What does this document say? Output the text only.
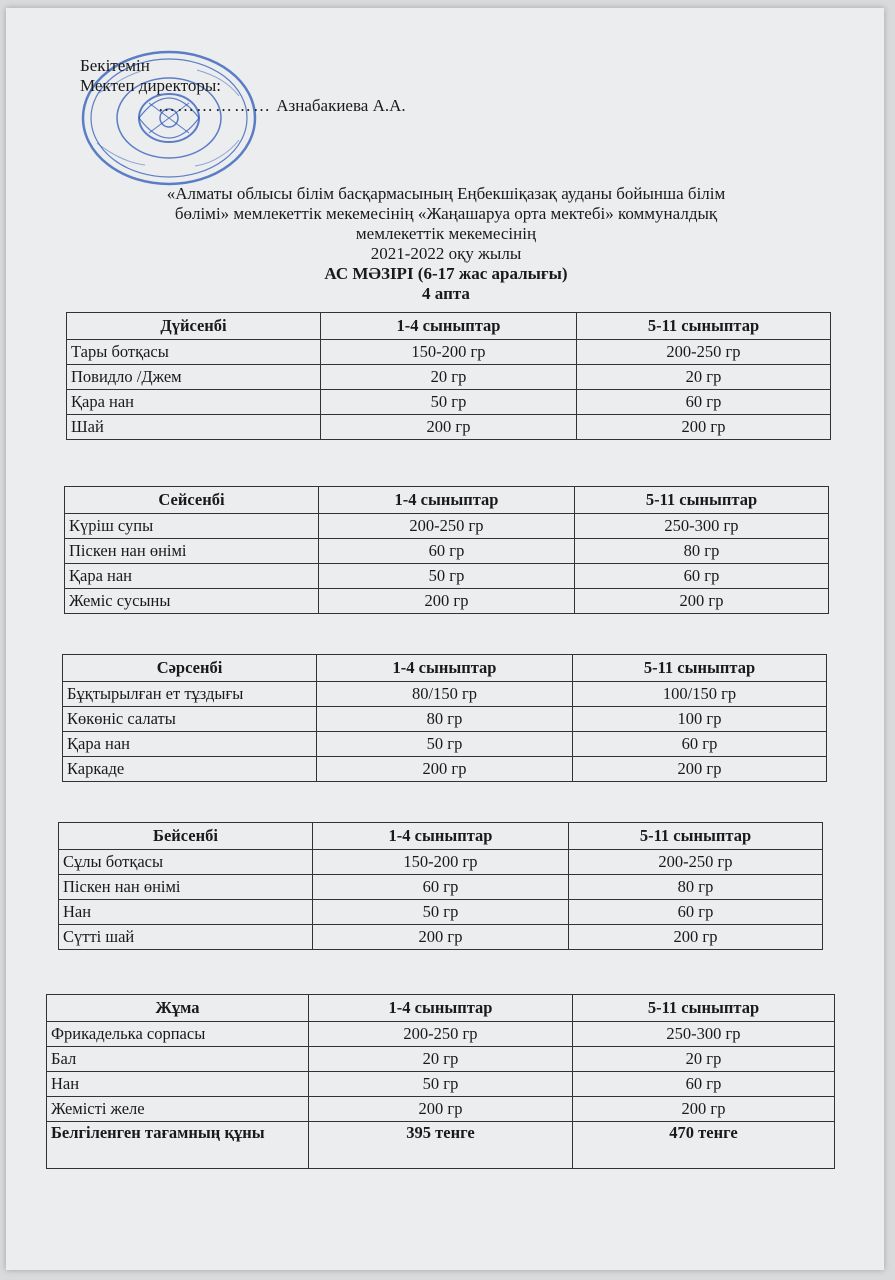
Бекітемін
Мектеп директоры:
……………… Азнабакиева А.А.
«Алматы облысы білім басқармасының Еңбекшіқазақ ауданы бойынша білім
бөлімі» мемлекеттік мекемесінің «Жаңашаруа орта мектебі» коммуналдық
мемлекеттік мекемесінің
2021-2022 оқу жылы
АС МӘЗІРІ (6-17 жас аралығы)
4 апта
Дүйсенбі	1-4 сыныптар	5-11 сыныптар
Тары ботқасы	150-200 гр	200-250 гр
Повидло /Джем	20 гр	20 гр
Қара нан	50 гр	60 гр
Шай	200 гр	200 гр
Сейсенбі	1-4 сыныптар	5-11 сыныптар
Күріш супы	200-250 гр	250-300 гр
Піскен нан өнімі	60 гр	80 гр
Қара нан	50 гр	60 гр
Жеміс сусыны	200 гр	200 гр
Сәрсенбі	1-4 сыныптар	5-11 сыныптар
Бұқтырылған ет тұздығы	80/150 гр	100/150 гр
Көкөніс салаты	80 гр	100 гр
Қара нан	50 гр	60 гр
Каркаде	200 гр	200 гр
Бейсенбі	1-4 сыныптар	5-11 сыныптар
Сұлы ботқасы	150-200 гр	200-250 гр
Піскен нан өнімі	60 гр	80 гр
Нан	50 гр	60 гр
Сүтті шай	200 гр	200 гр
Жұма	1-4 сыныптар	5-11 сыныптар
Фрикаделька сорпасы	200-250 гр	250-300 гр
Бал	20 гр	20 гр
Нан	50 гр	60 гр
Жемісті желе	200 гр	200 гр
Белгіленген тағамның құны	395 тенге	470 тенге
